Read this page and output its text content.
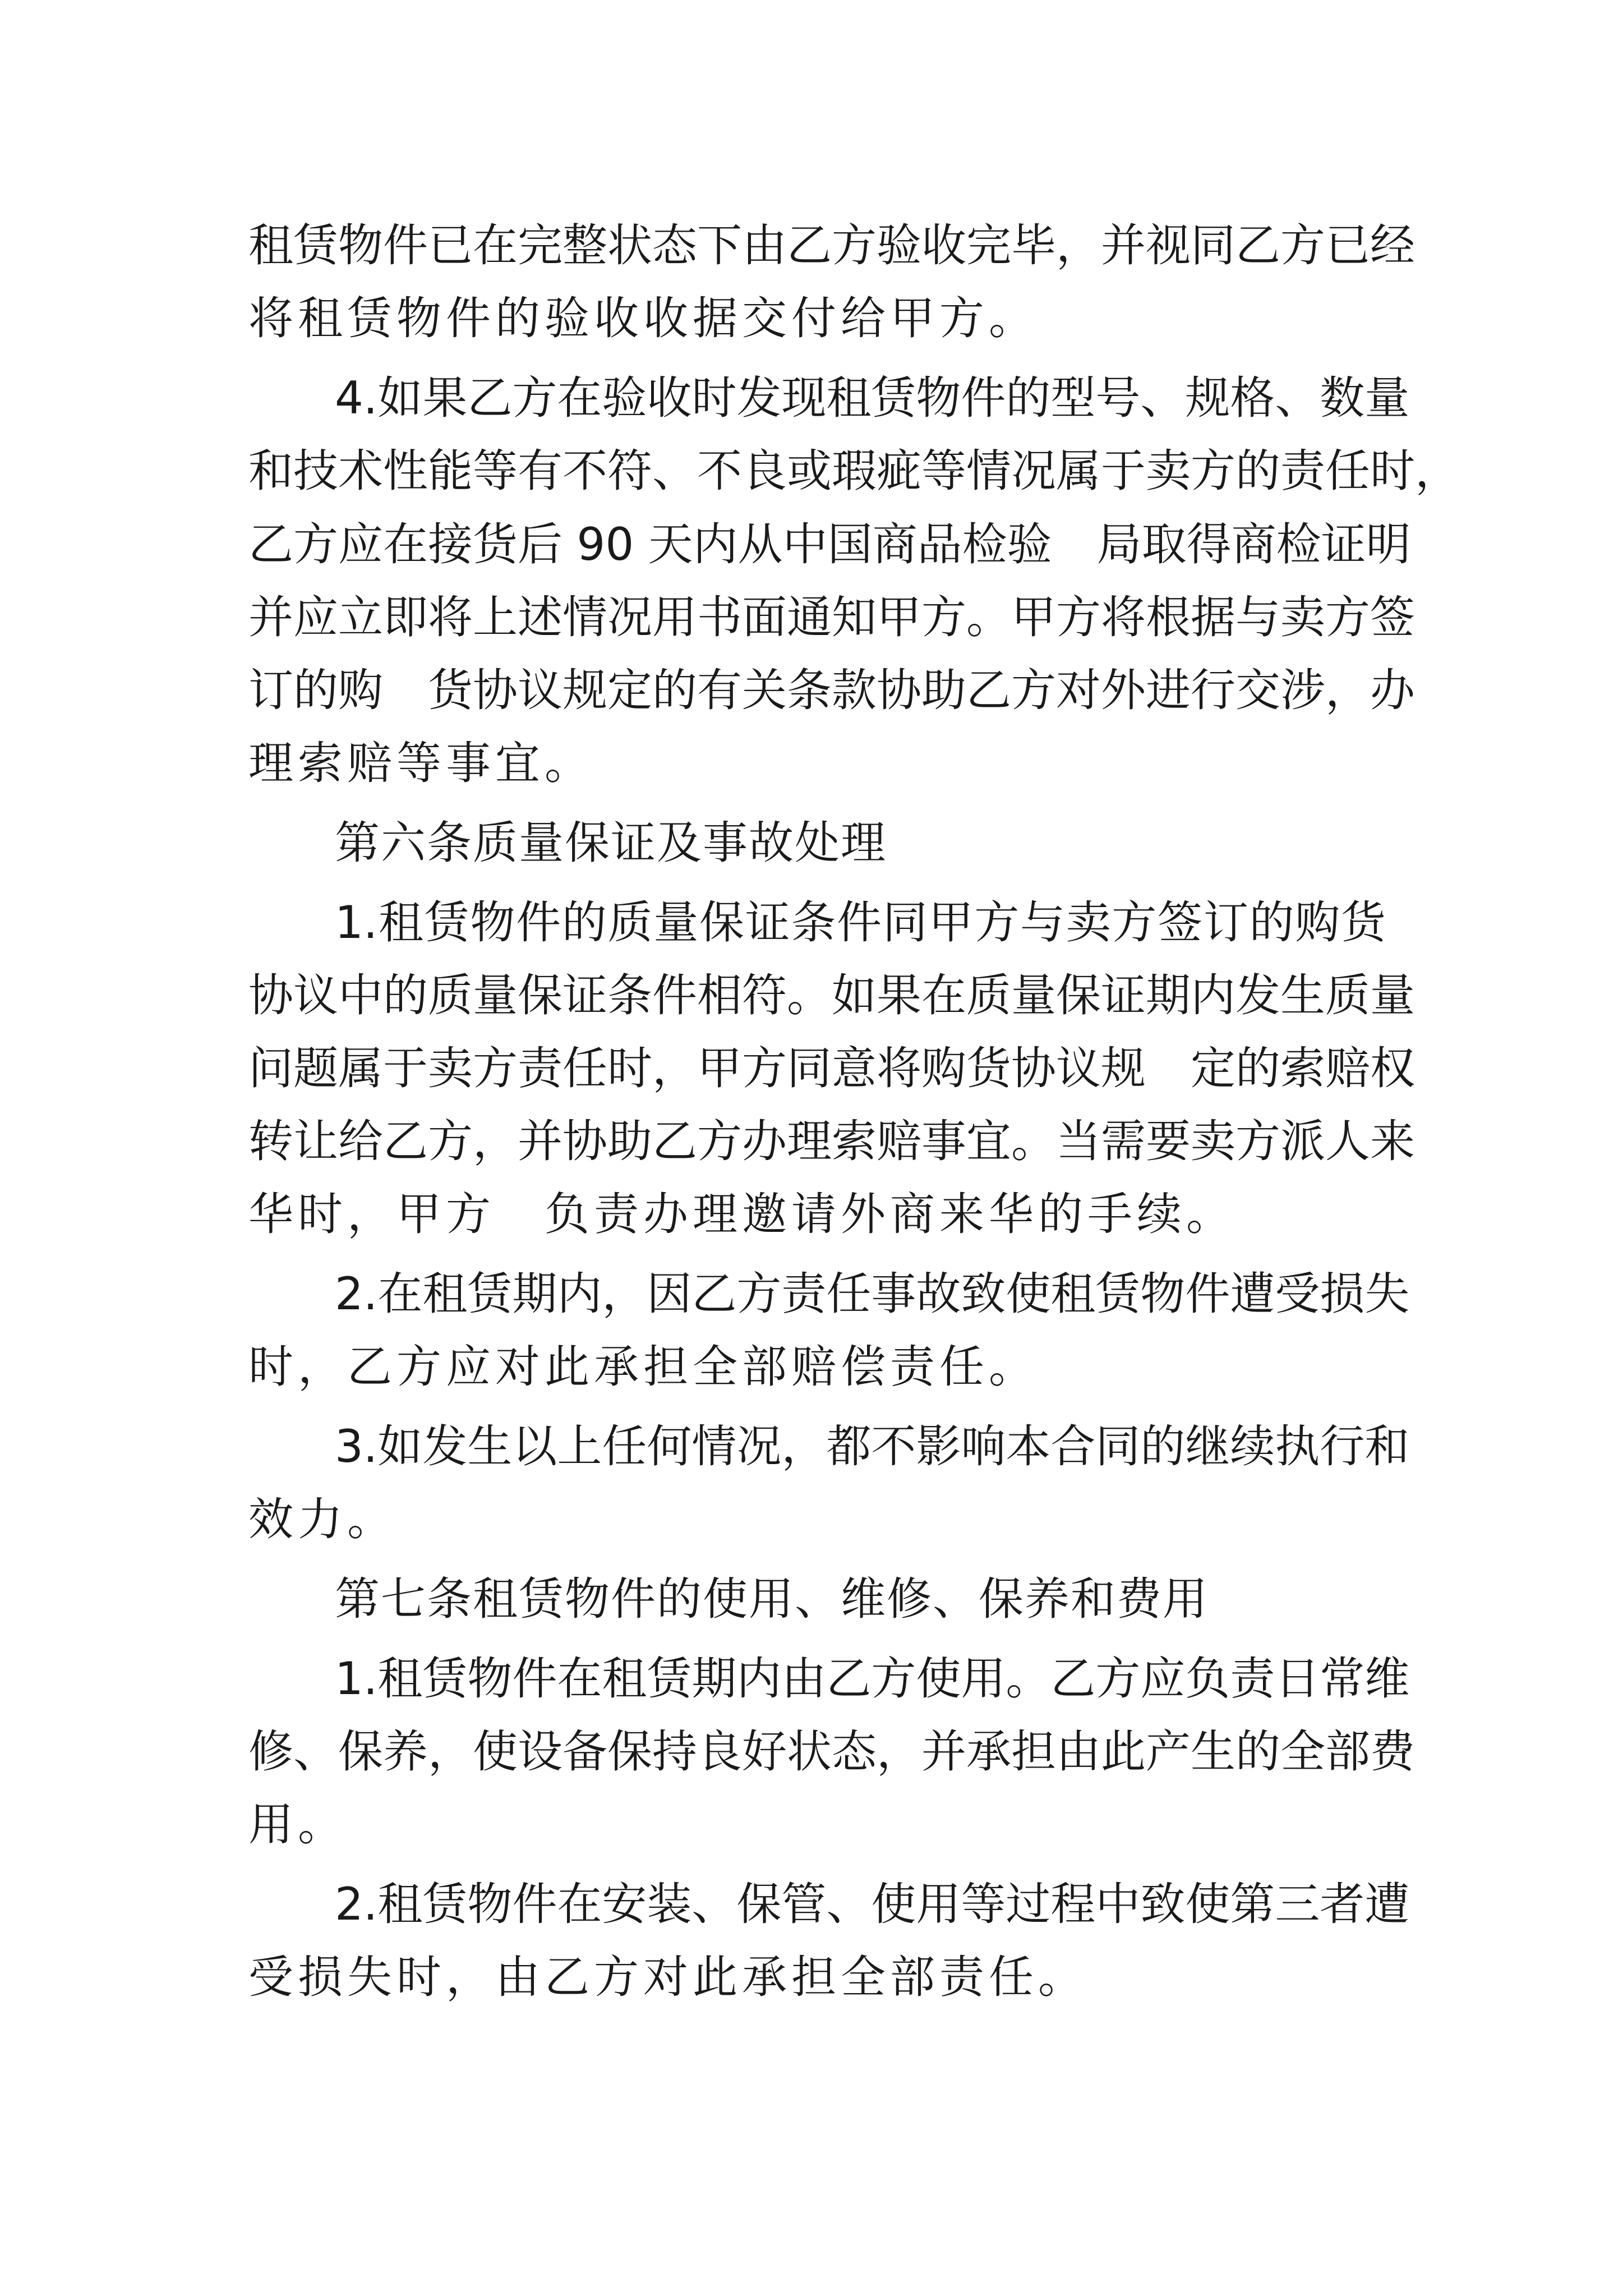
租赁物件已在完整状态下由乙方验收完毕，并视同乙方已经
将租赁物件的验收收据交付给甲方。
4.如果乙方在验收时发现租赁物件的型号、规格、数量
和技术性能等有不符、不良或瑕疵等情况属于卖方的责任时，
乙方应在接货后 90 天内从中国商品检验　局取得商检证明
并应立即将上述情况用书面通知甲方。甲方将根据与卖方签
订的购　货协议规定的有关条款协助乙方对外进行交涉，办
理索赔等事宜。
第六条质量保证及事故处理
1.租赁物件的质量保证条件同甲方与卖方签订的购货
协议中的质量保证条件相符。如果在质量保证期内发生质量
问题属于卖方责任时，甲方同意将购货协议规　定的索赔权
转让给乙方，并协助乙方办理索赔事宜。当需要卖方派人来
华时，甲方　负责办理邀请外商来华的手续。
2.在租赁期内，因乙方责任事故致使租赁物件遭受损失
时，乙方应对此承担全部赔偿责任。
3.如发生以上任何情况，都不影响本合同的继续执行和
效力。
第七条租赁物件的使用、维修、保养和费用
1.租赁物件在租赁期内由乙方使用。乙方应负责日常维
修、保养，使设备保持良好状态，并承担由此产生的全部费
用。
2.租赁物件在安装、保管、使用等过程中致使第三者遭
受损失时，由乙方对此承担全部责任。
